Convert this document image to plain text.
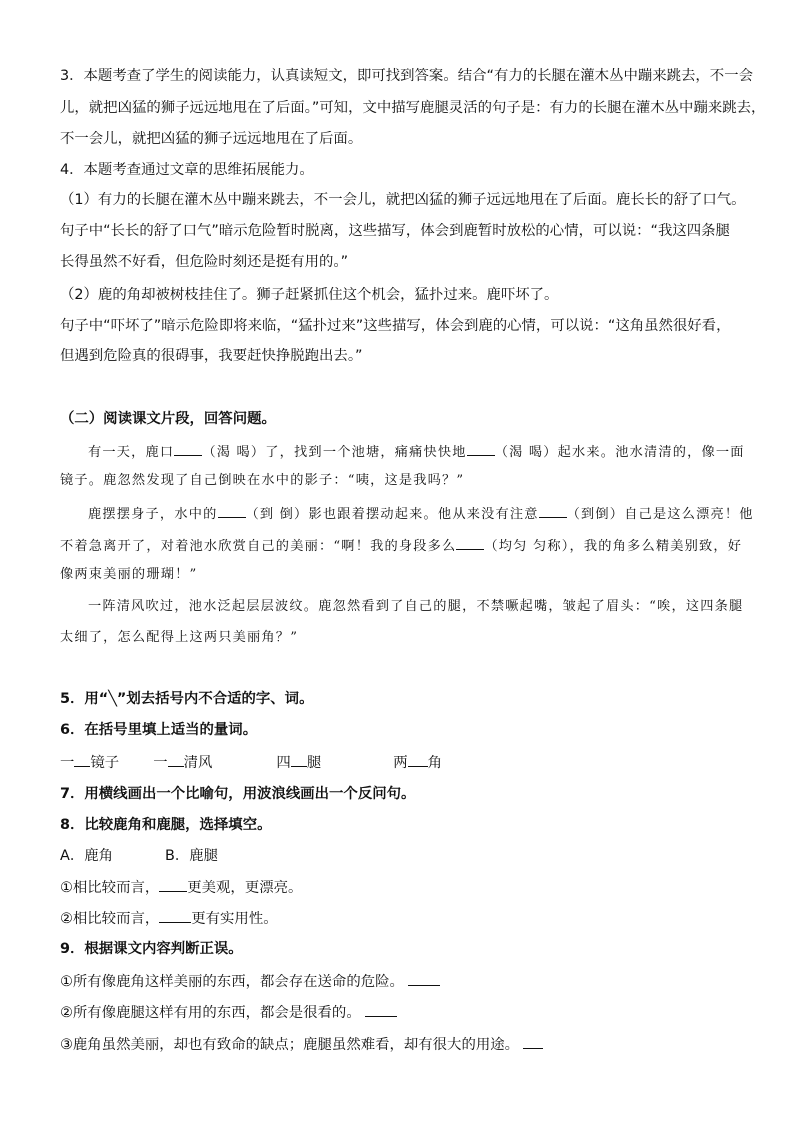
3．本题考查了学生的阅读能力，认真读短文，即可找到答案。结合“有力的长腿在灌木丛中蹦来跳去，不一会
儿，就把凶猛的狮子远远地甩在了后面。”可知，文中描写鹿腿灵活的句子是：有力的长腿在灌木丛中蹦来跳去，
不一会儿，就把凶猛的狮子远远地甩在了后面。
4．本题考查通过文章的思维拓展能力。
（1）有力的长腿在灌木丛中蹦来跳去，不一会儿，就把凶猛的狮子远远地甩在了后面。鹿长长的舒了口气。
句子中“长长的舒了口气”暗示危险暂时脱离，这些描写，体会到鹿暂时放松的心情，可以说：“我这四条腿
长得虽然不好看，但危险时刻还是挺有用的。”
（2）鹿的角却被树枝挂住了。狮子赶紧抓住这个机会，猛扑过来。鹿吓坏了。
句子中“吓坏了”暗示危险即将来临，“猛扑过来”这些描写，体会到鹿的心情，可以说：“这角虽然很好看，
但遇到危险真的很碍事，我要赶快挣脱跑出去。”
（二）阅读课文片段，回答问题。
有一天，鹿口 （渴 喝）了，找到一个池塘，痛痛快快地 （渴 喝）起水来。池水清清的，像一面
镜子。鹿忽然发现了自己倒映在水中的影子：“咦，这是我吗？”
鹿摆摆身子，水中的 （到 倒）影也跟着摆动起来。他从来没有注意 （到倒）自己是这么漂亮！他
不着急离开了，对着池水欣赏自己的美丽：“啊！我的身段多么 （均匀 匀称），我的角多么精美别致，好
像两束美丽的珊瑚！”
一阵清风吹过，池水泛起层层波纹。鹿忽然看到了自己的腿，不禁噘起嘴，皱起了眉头：“唉，这四条腿
太细了，怎么配得上这两只美丽角？”
5．用“╲”划去括号内不合适的字、词。
6．在括号里填上适当的量词。
一 镜子 一 清风	四 腿	两 角
7．用横线画出一个比喻句，用波浪线画出一个反问句。
8．比较鹿角和鹿腿，选择填空。
A．鹿角	B．鹿腿
①相比较而言， 更美观，更漂亮。
②相比较而言， 更有实用性。
9．根据课文内容判断正误。
①所有像鹿角这样美丽的东西，都会存在送命的危险。
②所有像鹿腿这样有用的东西，都会是很看的。
③鹿角虽然美丽，却也有致命的缺点；鹿腿虽然难看，却有很大的用途。
